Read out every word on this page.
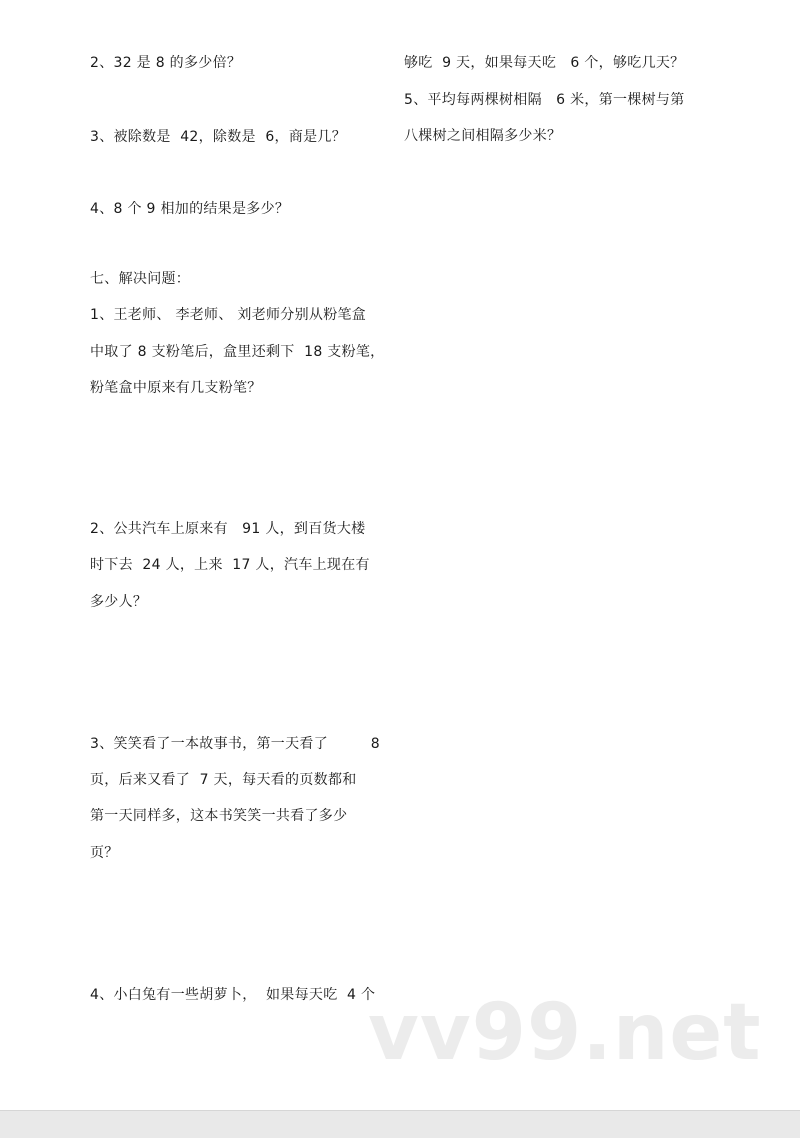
2、32 是 8 的多少倍？
3、被除数是  42，除数是  6，商是几？
4、8 个 9 相加的结果是多少？
七、解决问题：
1、王老师、 李老师、 刘老师分别从粉笔盒
中取了 8 支粉笔后，盒里还剩下  18 支粉笔，
粉笔盒中原来有几支粉笔？
2、公共汽车上原来有   91 人，到百货大楼
时下去  24 人，上来  17 人，汽车上现在有
多少人？
3、笑笑看了一本故事书，第一天看了         8
页，后来又看了  7 天，每天看的页数都和
第一天同样多，这本书笑笑一共看了多少
页？
4、小白兔有一些胡萝卜，  如果每天吃  4 个
够吃  9 天，如果每天吃   6 个，够吃几天？
5、平均每两棵树相隔   6 米，第一棵树与第
八棵树之间相隔多少米？
vv99.net
